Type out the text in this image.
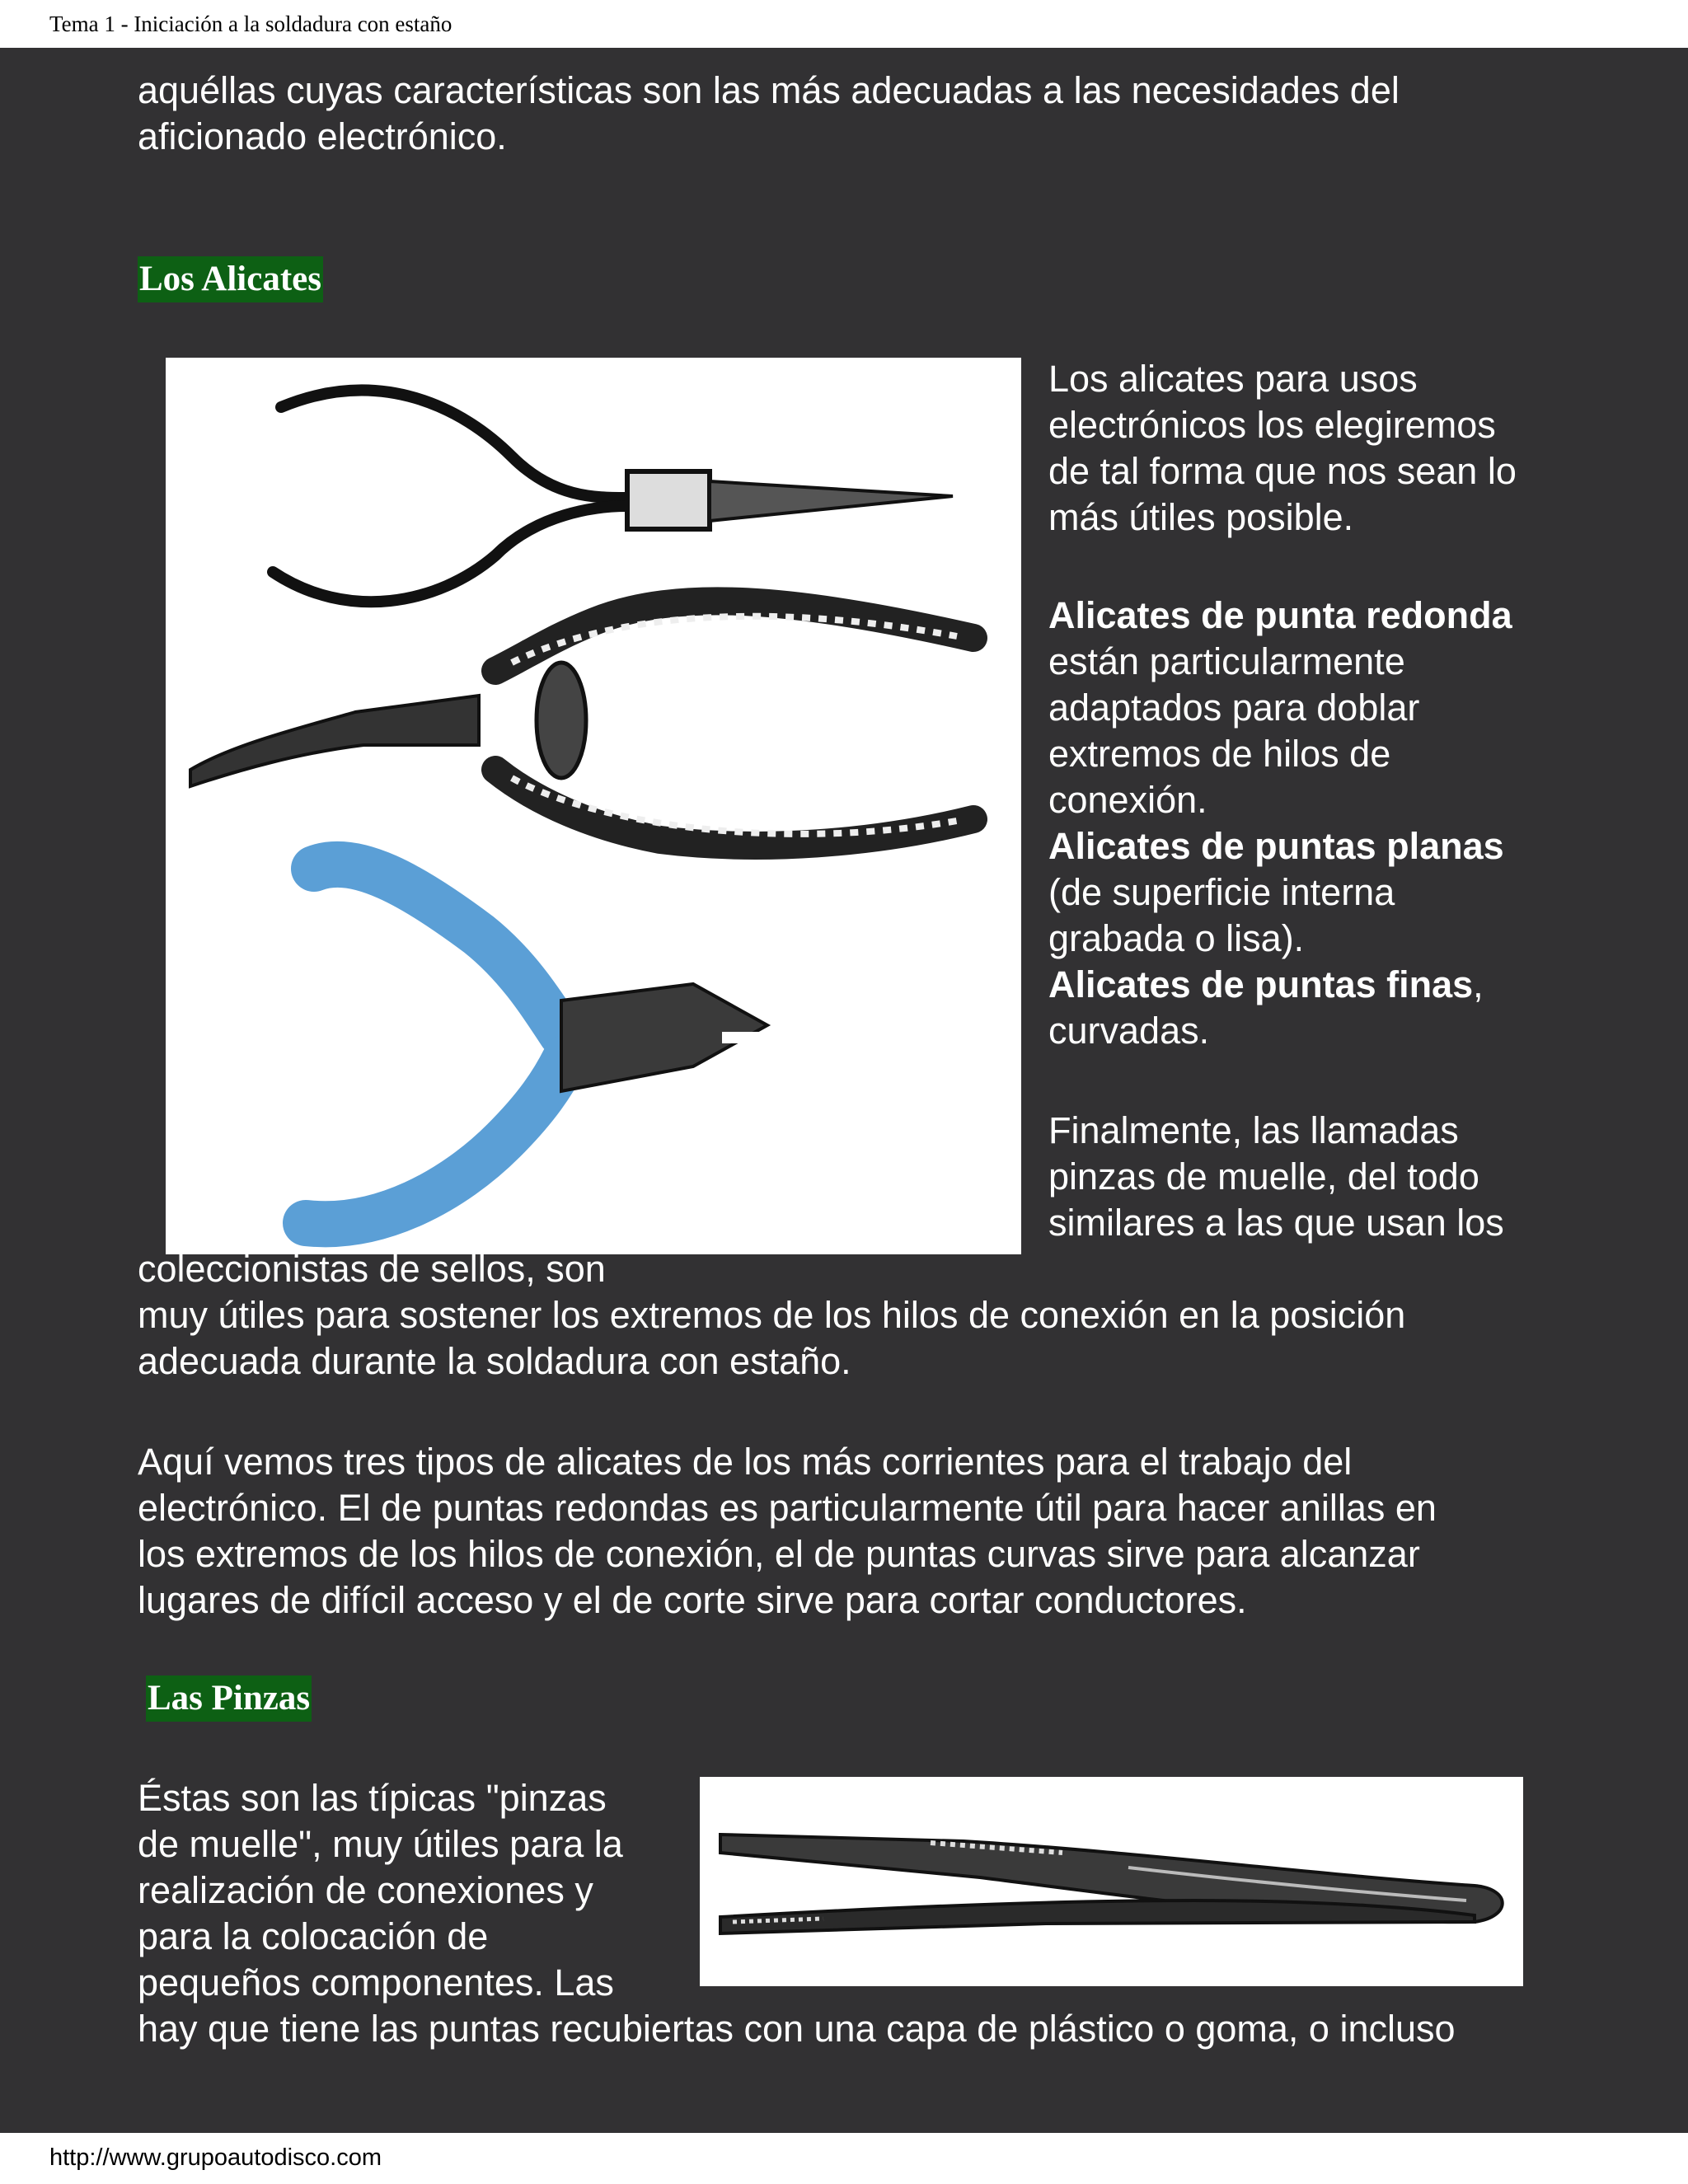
Tema 1 - Iniciación a la soldadura con estaño
aquéllas cuyas características son las más adecuadas a las necesidades del
aficionado electrónico.
Los Alicates
Los alicates para usos
electrónicos los elegiremos
de tal forma que nos sean lo
más útiles posible.
Alicates de punta redonda
están particularmente
adaptados para doblar
extremos de hilos de
conexión.
Alicates de puntas planas
(de superficie interna
grabada o lisa).
Alicates de puntas finas,
curvadas.
Finalmente, las llamadas
pinzas de muelle, del todo
similares a las que usan los
coleccionistas de sellos, son
muy útiles para sostener los extremos de los hilos de conexión en la posición
adecuada durante la soldadura con estaño.
Aquí vemos tres tipos de alicates de los más corrientes para el trabajo del
electrónico. El de puntas redondas es particularmente útil para hacer anillas en
los extremos de los hilos de conexión, el de puntas curvas sirve para alcanzar
lugares de difícil acceso y el de corte sirve para cortar conductores.
Las Pinzas
Éstas son las típicas "pinzas
de muelle", muy útiles para la
realización de conexiones y
para la colocación de
pequeños componentes. Las
hay que tiene las puntas recubiertas con una capa de plástico o goma, o incluso
http://www.grupoautodisco.com
